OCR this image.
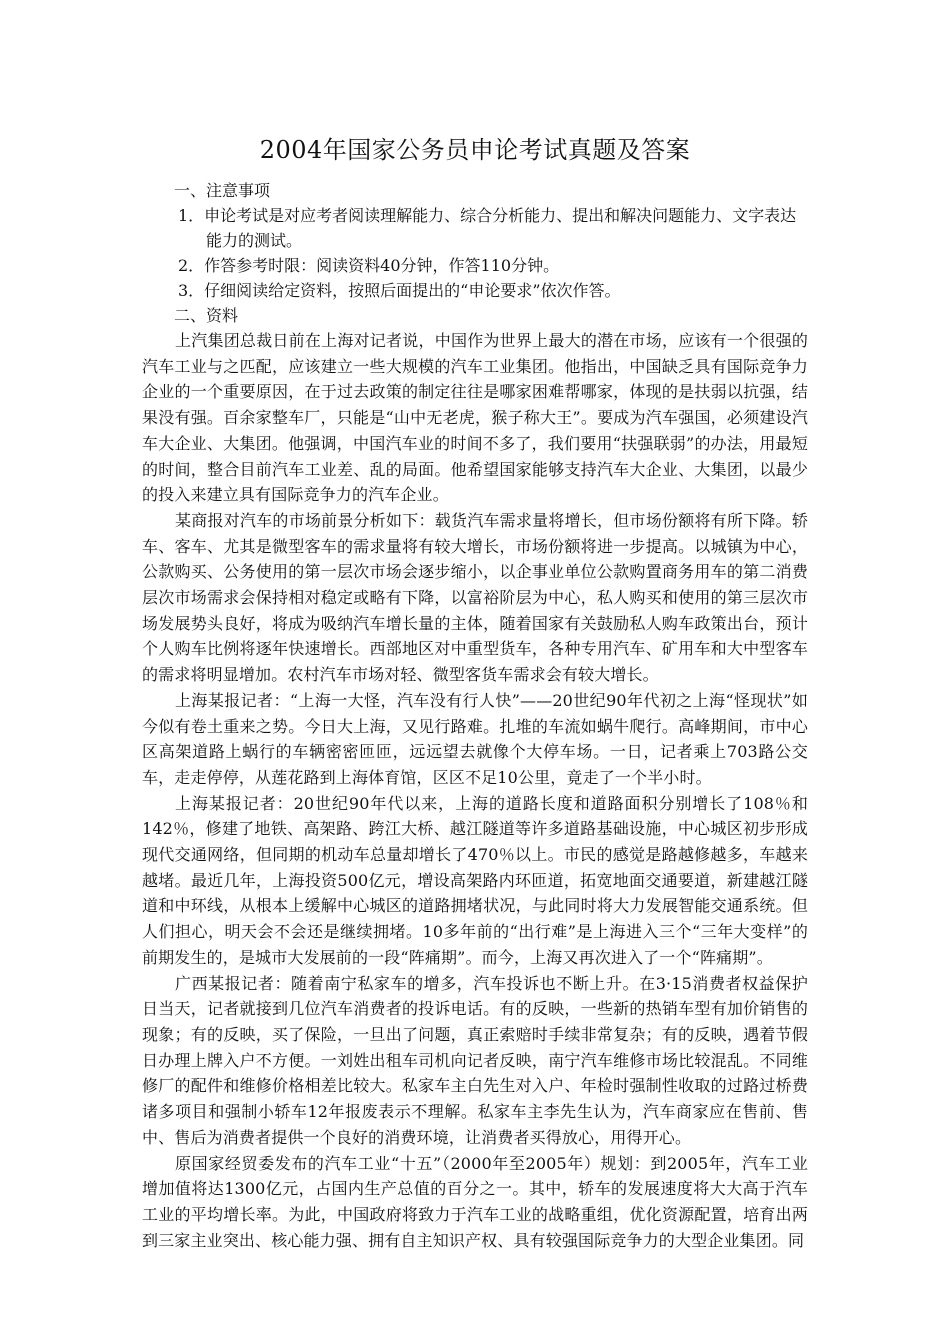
2004年国家公务员申论考试真题及答案
一、注意事项
1．申论考试是对应考者阅读理解能力、综合分析能力、提出和解决问题能力、文字表达
能力的测试。
2．作答参考时限：阅读资料40分钟，作答110分钟。
3．仔细阅读给定资料，按照后面提出的“申论要求”依次作答。
二、资料

上汽集团总裁日前在上海对记者说，中国作为世界上最大的潜在市场，应该有一个很强的汽车工业与之匹配，应该建立一些大规模的汽车工业集团。他指出，中国缺乏具有国际竞争力企业的一个重要原因，在于过去政策的制定往往是哪家困难帮哪家，体现的是扶弱以抗强，结果没有强。百余家整车厂，只能是“山中无老虎，猴子称大王”。要成为汽车强国，必须建设汽车大企业、大集团。他强调，中国汽车业的时间不多了，我们要用“扶强联弱”的办法，用最短的时间，整合目前汽车工业差、乱的局面。他希望国家能够支持汽车大企业、大集团，以最少的投入来建立具有国际竞争力的汽车企业。

某商报对汽车的市场前景分析如下：载货汽车需求量将增长，但市场份额将有所下降。轿车、客车、尤其是微型客车的需求量将有较大增长，市场份额将进一步提高。以城镇为中心，公款购买、公务使用的第一层次市场会逐步缩小，以企事业单位公款购置商务用车的第二消费层次市场需求会保持相对稳定或略有下降，以富裕阶层为中心，私人购买和使用的第三层次市场发展势头良好，将成为吸纳汽车增长量的主体，随着国家有关鼓励私人购车政策出台，预计个人购车比例将逐年快速增长。西部地区对中重型货车，各种专用汽车、矿用车和大中型客车的需求将明显增加。农村汽车市场对轻、微型客货车需求会有较大增长。

上海某报记者：“上海一大怪，汽车没有行人快”——20世纪90年代初之上海“怪现状”如今似有卷土重来之势。今日大上海，又见行路难。扎堆的车流如蜗牛爬行。高峰期间，市中心区高架道路上蜗行的车辆密密匝匝，远远望去就像个大停车场。一日，记者乘上703路公交车，走走停停，从莲花路到上海体育馆，区区不足10公里，竟走了一个半小时。

上海某报记者：20世纪90年代以来，上海的道路长度和道路面积分别增长了108％和142％，修建了地铁、高架路、跨江大桥、越江隧道等许多道路基础设施，中心城区初步形成现代交通网络，但同期的机动车总量却增长了470％以上。市民的感觉是路越修越多，车越来越堵。最近几年，上海投资500亿元，增设高架路内环匝道，拓宽地面交通要道，新建越江隧道和中环线，从根本上缓解中心城区的道路拥堵状况，与此同时将大力发展智能交通系统。但人们担心，明天会不会还是继续拥堵。10多年前的“出行难”是上海进入三个“三年大变样”的前期发生的，是城市大发展前的一段“阵痛期”。而今，上海又再次进入了一个“阵痛期”。

广西某报记者：随着南宁私家车的增多，汽车投诉也不断上升。在3·15消费者权益保护日当天，记者就接到几位汽车消费者的投诉电话。有的反映，一些新的热销车型有加价销售的现象；有的反映，买了保险，一旦出了问题，真正索赔时手续非常复杂；有的反映，遇着节假日办理上牌入户不方便。一刘姓出租车司机向记者反映，南宁汽车维修市场比较混乱。不同维修厂的配件和维修价格相差比较大。私家车主白先生对入户、年检时强制性收取的过路过桥费诸多项目和强制小轿车12年报废表示不理解。私家车主李先生认为，汽车商家应在售前、售中、售后为消费者提供一个良好的消费环境，让消费者买得放心，用得开心。

原国家经贸委发布的汽车工业“十五”（2000年至2005年）规划：到2005年，汽车工业增加值将达1300亿元，占国内生产总值的百分之一。其中，轿车的发展速度将大大高于汽车工业的平均增长率。为此，中国政府将致力于汽车工业的战略重组，优化资源配置，培育出两到三家主业突出、核心能力强、拥有自主知识产权、具有较强国际竞争力的大型企业集团。同
